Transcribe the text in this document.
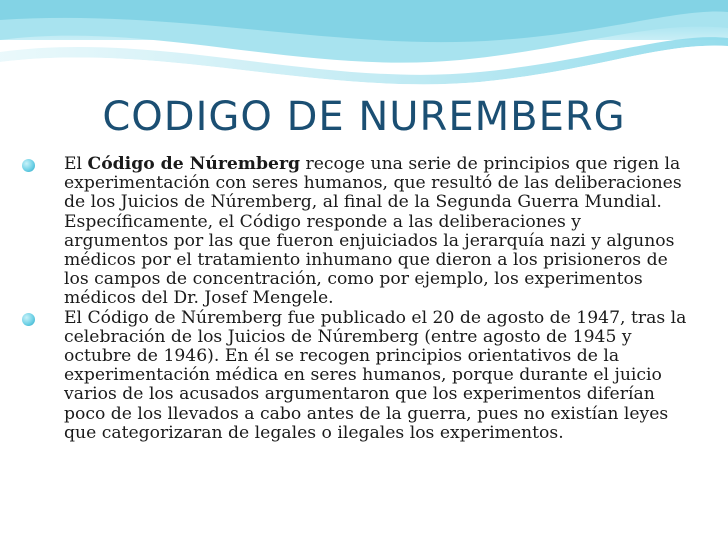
CODIGO DE NUREMBERG
El Código de Núremberg recoge una serie de principios que rigen la experimentación con seres humanos, que resultó de las deliberaciones de los Juicios de Núremberg, al final de la Segunda Guerra Mundial. Específicamente, el Código responde a las deliberaciones y argumentos por las que fueron enjuiciados la jerarquía nazi y algunos médicos por el tratamiento inhumano que dieron a los prisioneros de los campos de concentración, como por ejemplo, los experimentos médicos del Dr. Josef Mengele.
El Código de Núremberg fue publicado el 20 de agosto de 1947, tras la celebración de los Juicios de Núremberg (entre agosto de 1945 y octubre de 1946). En él se recogen principios orientativos de la experimentación médica en seres humanos, porque durante el juicio varios de los acusados argumentaron que los experimentos diferían poco de los llevados a cabo antes de la guerra, pues no existían leyes que categorizaran de legales o ilegales los experimentos.
